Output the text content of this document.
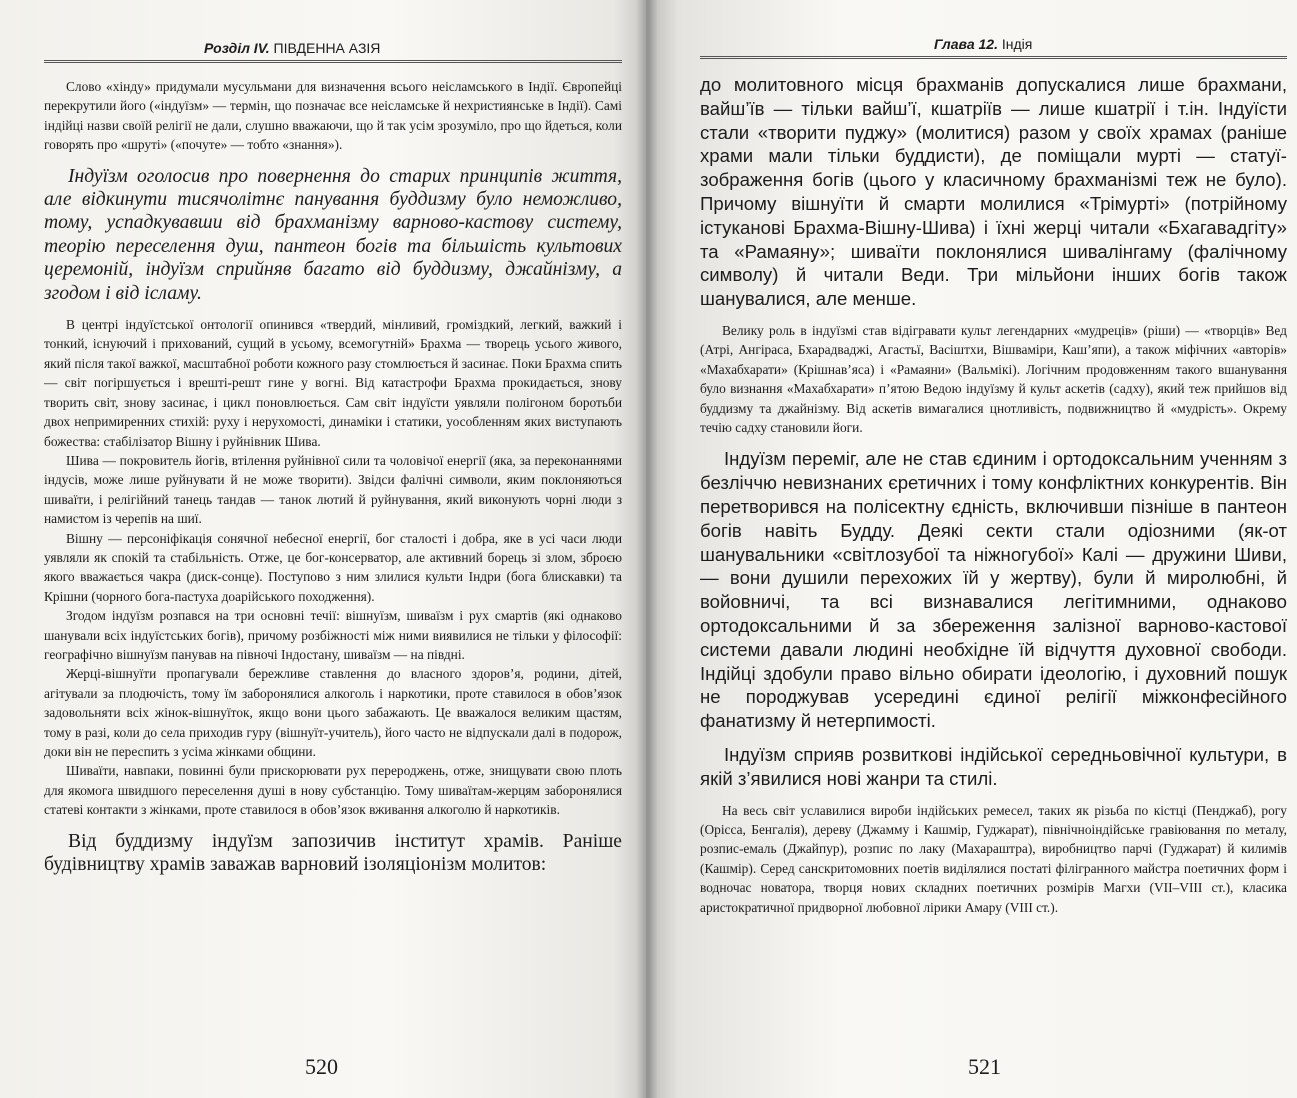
Розділ IV. ПІВДЕННА АЗІЯ

Слово «хінду» придумали мусульмани для визначення всього неісламського в Індії. Європейці перекрутили його («індуїзм» — термін, що позначає все неісламське й нехристиянське в Індії). Самі індійці назви своїй релігії не дали, слушно вважаючи, що й так усім зрозуміло, про що йдеться, коли говорять про «шруті» («почуте» — тобто «знання»).

Індуїзм оголосив про повернення до старих принципів життя, але відкинути тисячолітнє панування буддизму було неможливо, тому, успадкувавши від брахманізму варново-кастову систему, теорію переселення душ, пантеон богів та більшість культових церемоній, індуїзм сприйняв багато від буддизму, джайнізму, а згодом і від ісламу.

В центрі індуїстської онтології опинився «твердий, мінливий, громіздкий, легкий, важкий і тонкий, існуючий і прихований, сущий в усьому, всемогутній» Брахма — творець усього живого, який після такої важкої, масштабної роботи кожного разу стомлюється й засинає. Поки Брахма спить — світ погіршується і врешті-решт гине у вогні. Від катастрофи Брахма прокидається, знову творить світ, знову засинає, і цикл поновлюється. Сам світ індуїсти уявляли полігоном боротьби двох непримиренних стихій: руху і нерухомості, динаміки і статики, уособленням яких виступають божества: стабілізатор Вішну і руйнівник Шива.

Шива — покровитель йогів, втілення руйнівної сили та чоловічої енергії (яка, за переконаннями індусів, може лише руйнувати й не може творити). Звідси фалічні символи, яким поклоняються шиваїти, і релігійний танець тандав — танок лютий й руйнування, який виконують чорні люди з намистом із черепів на шиї.

Вішну — персоніфікація сонячної небесної енергії, бог сталості і добра, яке в усі часи люди уявляли як спокій та стабільність. Отже, це бог-консерватор, але активний борець зі злом, зброєю якого вважається чакра (диск-сонце). Поступово з ним злилися культи Індри (бога блискавки) та Крішни (чорного бога-пастуха доарійського походження).

Згодом індуїзм розпався на три основні течії: вішнуїзм, шиваїзм і рух смартів (які однаково шанували всіх індуїстських богів), причому розбіжності між ними виявилися не тільки у філософії: географічно вішнуїзм панував на півночі Індостану, шиваїзм — на півдні.

Жерці-вішнуїти пропагували бережливе ставлення до власного здоров’я, родини, дітей, агітували за плодючість, тому їм заборонялися алкоголь і наркотики, проте ставилося в обов’язок задовольняти всіх жінок-вішнуїток, якщо вони цього забажають. Це вважалося великим щастям, тому в разі, коли до села приходив гуру (вішнуїт-учитель), його часто не відпускали далі в подорож, доки він не переспить з усіма жінками общини.

Шиваїти, навпаки, повинні були прискорювати рух перероджень, отже, знищувати свою плоть для якомога швидшого переселення душі в нову субстанцію. Тому шиваїтам-жерцям заборонялися статеві контакти з жінками, проте ставилося в обов’язок вживання алкоголю й наркотиків.

Від буддизму індуїзм запозичив інститут храмів. Раніше будівництву храмів заважав варновий ізоляціонізм молитов:

520
Глава 12. Індія

до молитовного місця брахманів допускалися лише брахмани, вайш’їв — тільки вайш’ї, кшатріїв — лише кшатрії і т.ін. Індуїсти стали «творити пуджу» (молитися) разом у своїх храмах (раніше храми мали тільки буддисти), де поміщали мурті — статуї-зображення богів (цього у класичному брахманізмі теж не було). Причому вішнуїти й смарти молилися «Трімурті» (потрійному істуканові Брахма-Вішну-Шива) і їхні жерці читали «Бхагавадгіту» та «Рамаяну»; шиваїти поклонялися шивалінгаму (фалічному символу) й читали Веди. Три мільйони інших богів також шанувалися, але менше.

Велику роль в індуїзмі став відігравати культ легендарних «мудреців» (ріши) — «творців» Вед (Атрі, Ангіраса, Бхарадваджі, Агастьї, Васіштхи, Вішваміри, Кашʼяпи), а також міфічних «авторів» «Махабхарати» (Крішнав’яса) і «Рамаяни» (Вальмікі). Логічним продовженням такого вшанування було визнання «Махабхарати» п’ятою Ведою індуїзму й культ аскетів (садху), який теж прийшов від буддизму та джайнізму. Від аскетів вимагалися цнотливість, подвижництво й «мудрість». Окрему течію садху становили йоги.

Індуїзм переміг, але не став єдиним і ортодоксальним ученням з безліччю невизнаних єретичних і тому конфліктних конкурентів. Він перетворився на полісектну єдність, включивши пізніше в пантеон богів навіть Будду. Деякі секти стали одіозними (як-от шанувальники «світлозубої та ніжногубої» Калі — дружини Шиви, — вони душили перехожих їй у жертву), були й миролюбні, й войовничі, та всі визнавалися легітимними, однаково ортодоксальними й за збереження залізної варново-кастової системи давали людині необхідне їй відчуття духовної свободи. Індійці здобули право вільно обирати ідеологію, і духовний пошук не породжував усередині єдиної релігії міжконфесійного фанатизму й нетерпимості.

Індуїзм сприяв розвиткові індійської середньовічної культури, в якій з’явилися нові жанри та стилі.

На весь світ уславилися вироби індійських ремесел, таких як різьба по кістці (Пенджаб), рогу (Орісса, Бенгалія), дереву (Джамму і Кашмір, Гуджарат), північноіндійське гравіювання по металу, розпис-емаль (Джайпур), розпис по лаку (Махараштра), виробництво парчі (Гуджарат) й килимів (Кашмір). Серед санскритомовних поетів виділялися постаті філігранного майстра поетичних форм і водночас новатора, творця нових складних поетичних розмірів Магхи (VII–VIII ст.), класика аристократичної придворної любовної лірики Амару (VIII ст.).

521
